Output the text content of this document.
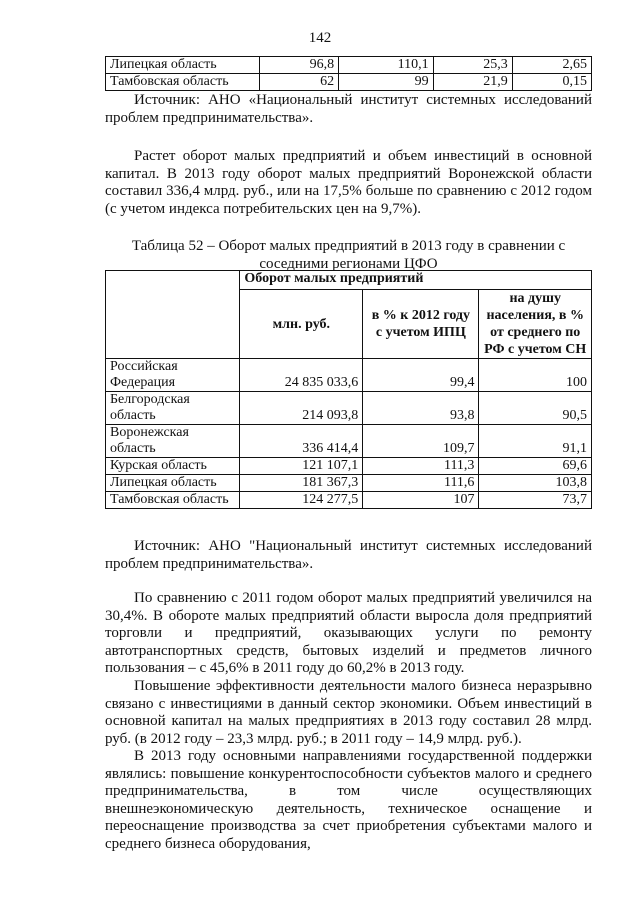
142
Липецкая область	96,8	110,1	25,3	2,65
Тамбовская область	62	99	21,9	0,15

Источник: АНО «Национальный институт системных исследований проблем предпринимательства».

Растет оборот малых предприятий и объем инвестиций в основной капитал. В 2013 году оборот малых предприятий Воронежской области составил 336,4 млрд. руб., или на 17,5% больше по сравнению с 2012 годом (с учетом индекса потребительских цен на 9,7%).

Таблица 52 – Оборот малых предприятий в 2013 году в сравнении с соседними регионами ЦФО
	Оборот малых предприятий		
	млн. руб.	в % к 2012 году с учетом ИПЦ	на душу населения, в % от среднего по РФ с учетом СН
Российская Федерация	24 835 033,6	99,4	100
Белгородская область	214 093,8	93,8	90,5
Воронежская область	336 414,4	109,7	91,1
Курская область	121 107,1	111,3	69,6
Липецкая область	181 367,3	111,6	103,8
Тамбовская область	124 277,5	107	73,7

Источник: АНО "Национальный институт системных исследований проблем предпринимательства».

По сравнению с 2011 годом оборот малых предприятий увеличился на 30,4%. В обороте малых предприятий области выросла доля предприятий торговли и предприятий, оказывающих услуги по ремонту автотранспортных средств, бытовых изделий и предметов личного пользования – с 45,6% в 2011 году до 60,2% в 2013 году.

Повышение эффективности деятельности малого бизнеса неразрывно связано с инвестициями в данный сектор экономики. Объем инвестиций в основной капитал на малых предприятиях в 2013 году составил 28 млрд. руб. (в 2012 году – 23,3 млрд. руб.; в 2011 году – 14,9 млрд. руб.).

В 2013 году основными направлениями государственной поддержки являлись: повышение конкурентоспособности субъектов малого и среднего предпринимательства, в том числе осуществляющих внешнеэкономическую деятельность, техническое оснащение и переоснащение производства за счет приобретения субъектами малого и среднего бизнеса оборудования,
